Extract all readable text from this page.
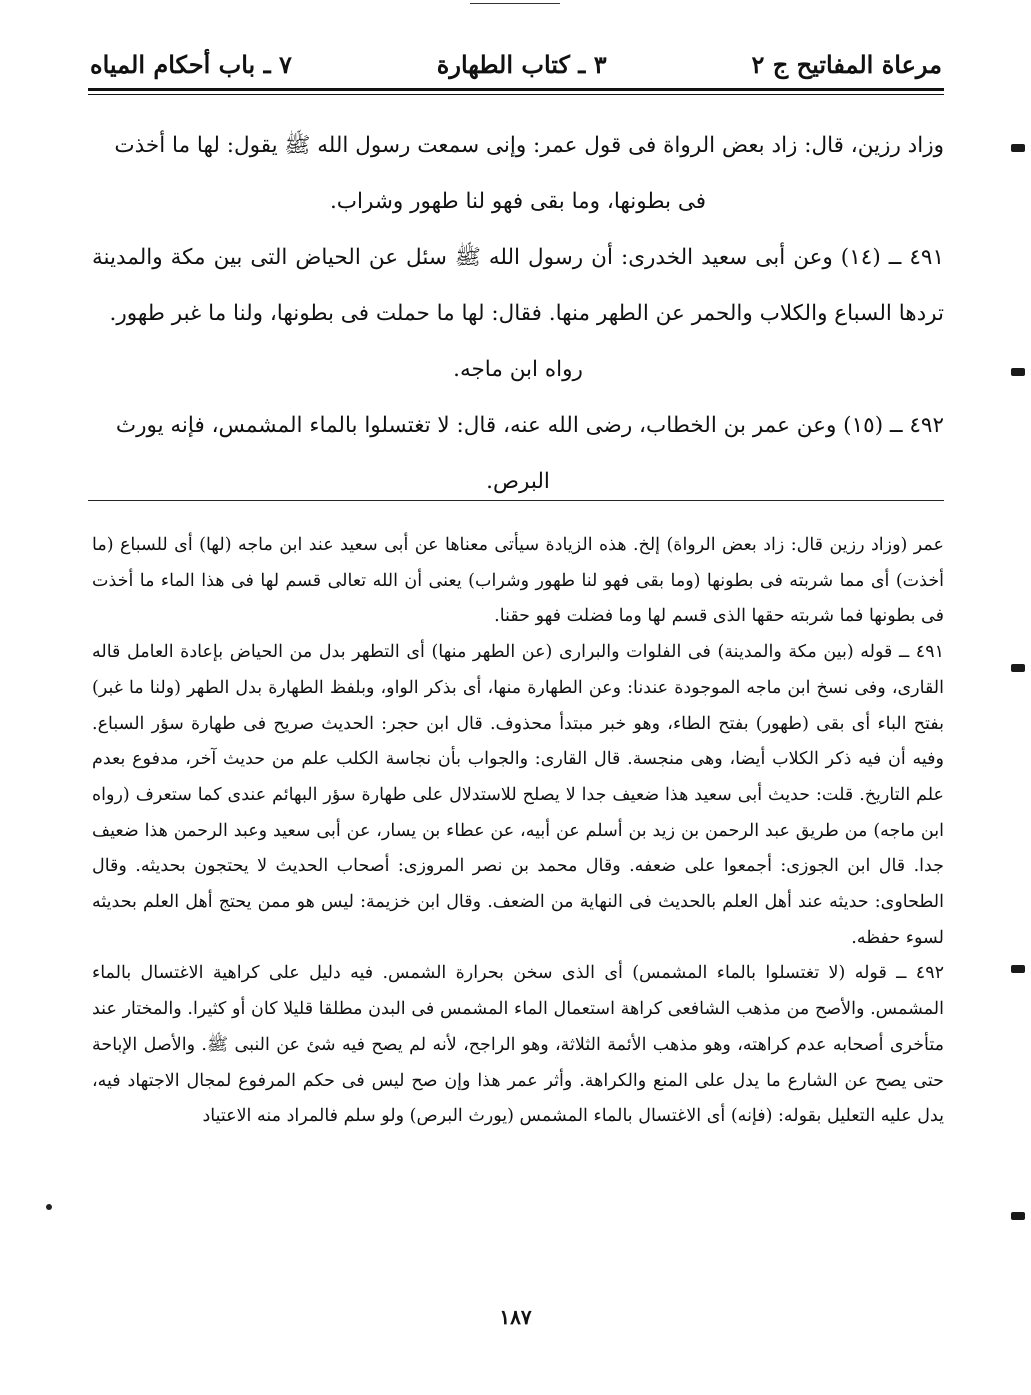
مرعاة المفاتيح ج ٢
٣ ـ كتاب الطهارة
٧ ـ باب أحكام المياه

وزاد رزين، قال: زاد بعض الرواة فى قول عمر: وإنى سمعت رسول الله ﷺ يقول: لها ما أخذت

فى بطونها، وما بقى فهو لنا طهور وشراب.

٤٩١ ــ (١٤) وعن أبى سعيد الخدرى: أن رسول الله ﷺ سئل عن الحياض التى بين مكة والمدينة تردها السباع والكلاب والحمر عن الطهر منها. فقال: لها ما حملت فى بطونها، ولنا ما غبر طهور.

رواه ابن ماجه.

٤٩٢ ــ (١٥) وعن عمر بن الخطاب، رضى الله عنه، قال: لا تغتسلوا بالماء المشمس، فإنه يورث

البرص.

عمر (وزاد رزين قال: زاد بعض الرواة) إلخ. هذه الزيادة سيأتى معناها عن أبى سعيد عند ابن ماجه (لها) أى للسباع (ما أخذت) أى مما شربته فى بطونها (وما بقى فهو لنا طهور وشراب) يعنى أن الله تعالى قسم لها فى هذا الماء ما أخذت فى بطونها فما شربته حقها الذى قسم لها وما فضلت فهو حقنا.

٤٩١ ــ قوله (بين مكة والمدينة) فى الفلوات والبرارى (عن الطهر منها) أى التطهر بدل من الحياض بإعادة العامل قاله القارى، وفى نسخ ابن ماجه الموجودة عندنا: وعن الطهارة منها، أى بذكر الواو، وبلفظ الطهارة بدل الطهر (ولنا ما غبر) بفتح الباء أى بقى (طهور) بفتح الطاء، وهو خبر مبتدأ محذوف. قال ابن حجر: الحديث صريح فى طهارة سؤر السباع. وفيه أن فيه ذكر الكلاب أيضا، وهى منجسة. قال القارى: والجواب بأن نجاسة الكلب علم من حديث آخر، مدفوع بعدم علم التاريخ. قلت: حديث أبى سعيد هذا ضعيف جدا لا يصلح للاستدلال على طهارة سؤر البهائم عندى كما ستعرف (رواه ابن ماجه) من طريق عبد الرحمن بن زيد بن أسلم عن أبيه، عن عطاء بن يسار، عن أبى سعيد وعبد الرحمن هذا ضعيف جدا. قال ابن الجوزى: أجمعوا على ضعفه. وقال محمد بن نصر المروزى: أصحاب الحديث لا يحتجون بحديثه. وقال الطحاوى: حديثه عند أهل العلم بالحديث فى النهاية من الضعف. وقال ابن خزيمة: ليس هو ممن يحتج أهل العلم بحديثه لسوء حفظه.

٤٩٢ ــ قوله (لا تغتسلوا بالماء المشمس) أى الذى سخن بحرارة الشمس. فيه دليل على كراهية الاغتسال بالماء المشمس. والأصح من مذهب الشافعى كراهة استعمال الماء المشمس فى البدن مطلقا قليلا كان أو كثيرا. والمختار عند متأخرى أصحابه عدم كراهته، وهو مذهب الأئمة الثلاثة، وهو الراجح، لأنه لم يصح فيه شئ عن النبى ﷺ. والأصل الإباحة حتى يصح عن الشارع ما يدل على المنع والكراهة. وأثر عمر هذا وإن صح ليس فى حكم المرفوع لمجال الاجتهاد فيه، يدل عليه التعليل بقوله: (فإنه) أى الاغتسال بالماء المشمس (يورث البرص) ولو سلم فالمراد منه الاعتياد

١٨٧
